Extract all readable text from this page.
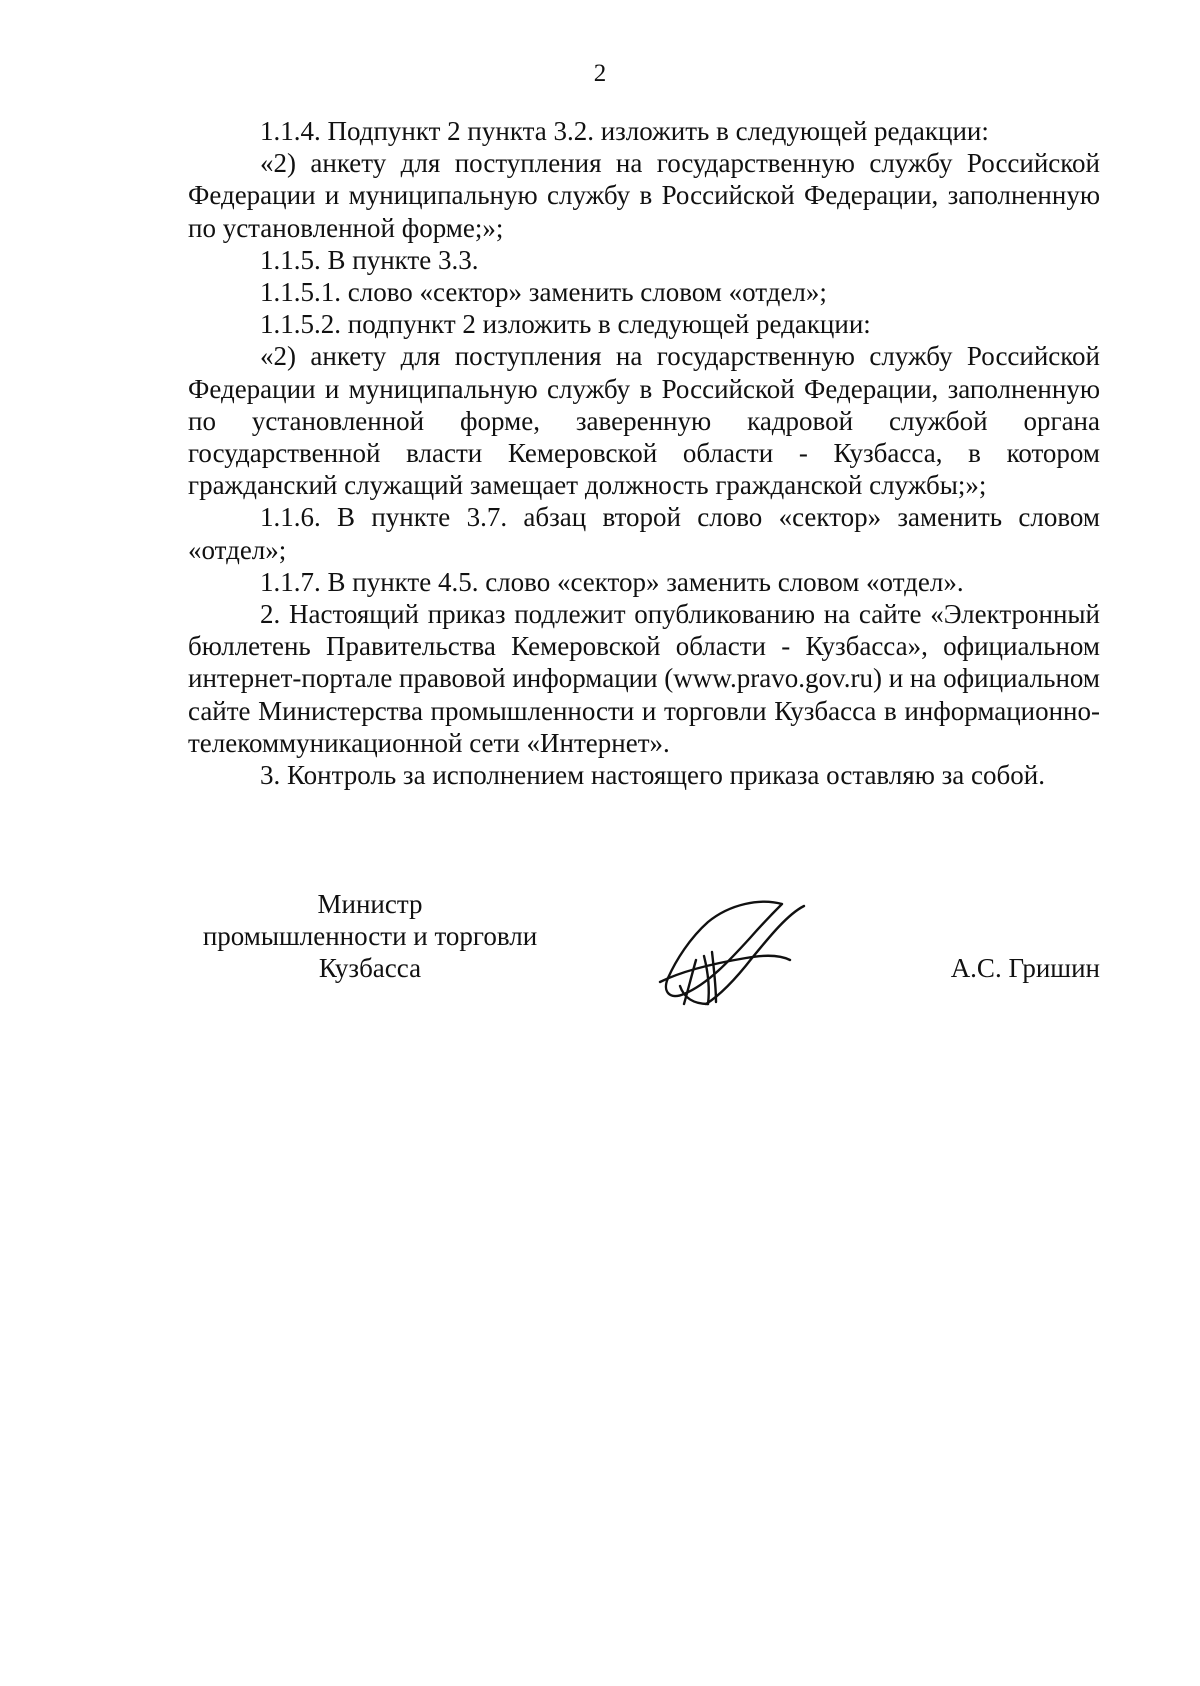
2

1.1.4. Подпункт 2 пункта 3.2. изложить в следующей редакции:

«2) анкету для поступления на государственную службу Российской Федерации и муниципальную службу в Российской Федерации, заполненную по установленной форме;»;

1.1.5. В пункте 3.3.

1.1.5.1. слово «сектор» заменить словом «отдел»;

1.1.5.2. подпункт 2 изложить в следующей редакции:

«2) анкету для поступления на государственную службу Российской Федерации и муниципальную службу в Российской Федерации, заполненную по установленной форме, заверенную кадровой службой органа государственной власти Кемеровской области - Кузбасса, в котором гражданский служащий замещает должность гражданской службы;»;

1.1.6. В пункте 3.7. абзац второй слово «сектор» заменить словом «отдел»;

1.1.7. В пункте 4.5. слово «сектор» заменить словом «отдел».

2. Настоящий приказ подлежит опубликованию на сайте «Электронный бюллетень Правительства Кемеровской области - Кузбасса», официальном интернет-портале правовой информации (www.pravo.gov.ru) и на официальном сайте Министерства промышленности и торговли Кузбасса в информационно-телекоммуникационной сети «Интернет».

3. Контроль за исполнением настоящего приказа оставляю за собой.

Министр
промышленности и торговли
Кузбасса	А.С. Гришин
